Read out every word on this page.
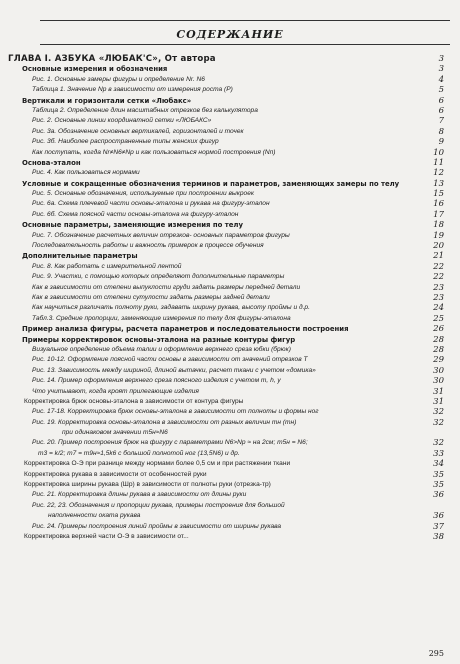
СОДЕРЖАНИЕ
ГЛАВА I. АЗБУКА «ЛЮБАК'С», От автора	3
Основные измерения и обозначения	3
Рис. 1. Основные замеры фигуры и определение Nr. N6	4
Таблица 1. Значение Np в зависимости от измерения роста (Р)	5
Вертикали и горизонтали сетки «Любакс»	6
Таблица 2. Определение длин масштабных отрезков без калькулятора	6
Рис. 2. Основные линии координатной сетки «ЛЮБАКС»	7
Рис. 3а. Обозначение основных вертикалей, горизонталей и точек	8
Рис. 3б. Наиболее распространенные типы женских фигур	9
Как поступать, когда Nr≠N6≠Np и как пользоваться нормой построения (Nп)	10
Основа-эталон	11
Рис. 4. Как пользоваться нормами	12
Условные и сокращенные обозначения терминов и параметров, заменяющих замеры по телу	13
Рис. 5. Основные обозначения, используемые при построении выкроек	15
Рис. 6а. Схема плечевой части основы-эталона и рукава на фигуру-эталон	16
Рис. 6б. Схема поясной части основы-эталона на фигуру-эталон	17
Основные параметры, заменяющие измерения по телу	18
Рис. 7. Обозначение расчетных величин отрезков- основных параметров фигуры	19
Последовательность работы и важность примерок в процессе обучения	20
Дополнительные параметры	21
Рис. 8. Как работать с измерительной лентой	22
Рис. 9. Участки, с помощью которых определяют дополнительные параметры	22
Как в зависимости от степени выпуклости груди задать размеры передней детали	23
Как в зависимости от степени сутулости задать размеры задней детали	23
Как научиться различать полноту руки, задавать ширину рукава, высоту проймы и д.р.	24
Табл.3. Средние пропорции, заменяющие измерения по телу для фигуры-эталона	25
Пример анализа фигуры, расчета параметров и последовательности построения	26
Примеры корректировок основы-эталона на разные контуры фигур	28
Визуальное определение объема талии и оформление верхнего среза юбки (брюк)	28
Рис. 10-12. Оформление поясной части основы в зависимости от значений отрезков Т	29
Рис. 13. Зависимость между шириной, длиной вытачки, расчет ткани с учетом «домика»	30
Рис. 14. Пример оформления верхнего среза поясного изделия с учетом m, h, y	30
Что учитывают, когда кроят прилегающие изделия	31
Корректировка брюк основы-эталона в зависимости от контура фигуры	31
Рис. 17-18. Корректировка брюк основы-эталона в зависимости от полноты и формы ног	32
Рис. 19. Корректировка основы-эталона в зависимости от разных величин mн (mн)	32
при одинаковом значении m5н≈N6
Рис. 20. Пример построения брюк на фигуру с параметрами N6>Np ≈ на 2см; m5н = N6;	32
m3 = k/2; m7 = m9н≈1,5k6 с большой полнотой ног (13,5N6) и др.	33
Корректировка О-Э при разнице между нормами более 0,5 см и при растяжении ткани	34
Корректировка рукава в зависимости от особенностей руки	35
Корректировка ширины рукава (Шр) в зависимости от полноты руки (отрезка-тр)	35
Рис. 21. Корректировка длины рукава в зависимости от длины руки	36
Рис. 22, 23. Обозначения и пропорции рукава, примеры построения для большой
наполненности оката рукава	36
Рис. 24. Примеры построения линий проймы в зависимости от ширины рукава	37
Корректировка верхней части О-Э в зависимости от...	38
295
